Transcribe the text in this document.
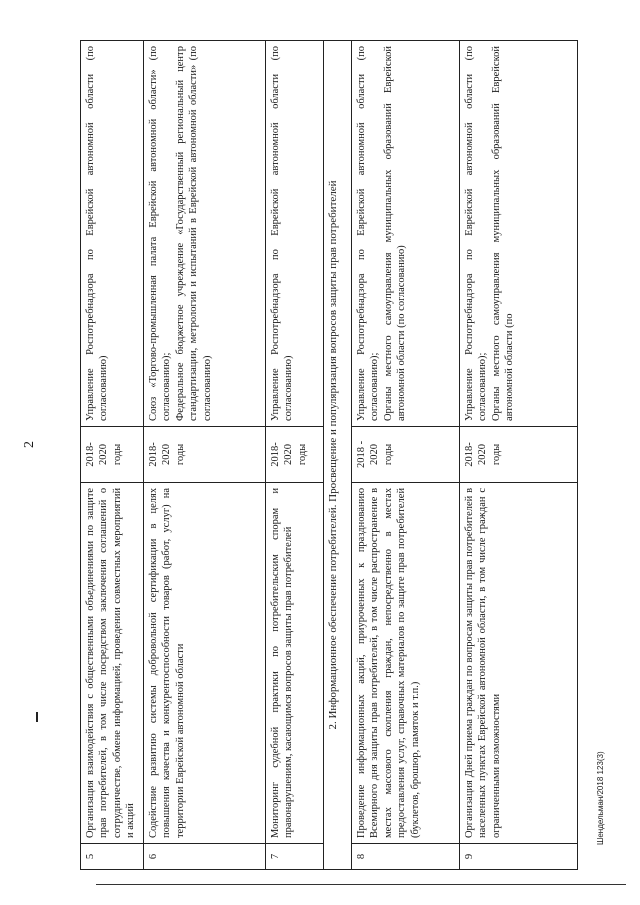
2
5
Организация взаимодействия с общественными объединениями по защите прав потребителей, в том числе посредством заключения соглашений о сотрудничестве, обмене информацией, проведении совместных мероприятий и акций
2018-2020 годы
Управление Роспотребнадзора по Еврейской автономной области (по согласованию)
6
Содействие развитию системы добровольной сертификации в целях повышения качества и конкурентоспособности товаров (работ, услуг) на территории Еврейской автономной области
2018-2020 годы
Союз «Торгово-промышленная палата Еврейской автономной области» (по согласованию); Федеральное бюджетное учреждение «Государственный региональный центр стандартизации, метрологии и испытаний в Еврейской автономной области» (по согласованию)
7
Мониторинг судебной практики по потребительским спорам и правонарушениям, касающимся вопросов защиты прав потребителей
2018-2020 годы
Управление Роспотребнадзора по Еврейской автономной области (по согласованию)	2. Информационное обеспечение потребителей. Просвещение и популяризация вопросов защиты прав потребителей
8
Проведение информационных акций, приуроченных к празднованию Всемирного дня защиты прав потребителей, в том числе распространение в местах массового скопления граждан, непосредственно в местах предоставления услуг, справочных материалов по защите прав потребителей (буклетов, брошюр, памяток и т.п.)
2018 - 2020 годы
Управление Роспотребнадзора по Еврейской автономной области (по согласованию); Органы местного самоуправления муниципальных образований Еврейской автономной области (по согласованию)
9
Организация Дней приема граждан по вопросам защиты прав потребителей в населенных пунктах Еврейской автономной области, в том числе граждан с ограниченными возможностями
2018-2020 годы
Управление Роспотребнадзора по Еврейской автономной области (по согласованию); Органы местного самоуправления муниципальных образований Еврейской автономной области (по
Шендельман/2018 123(3)
